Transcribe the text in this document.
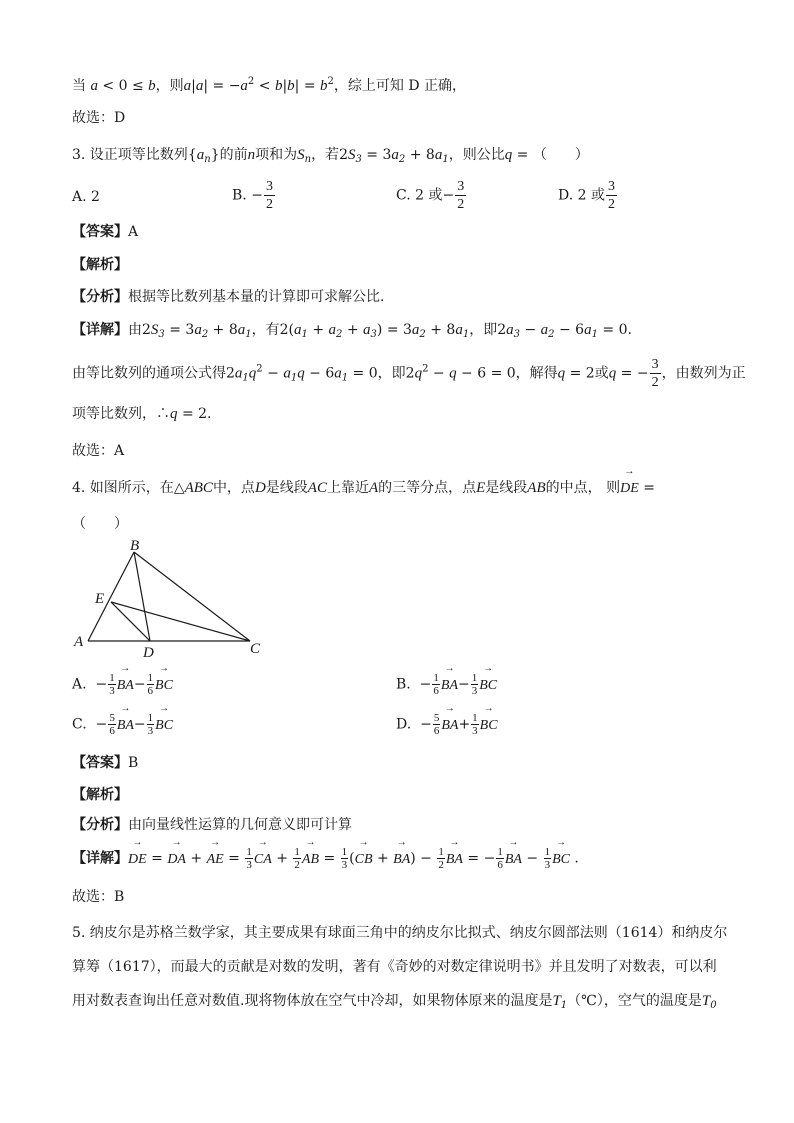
当 a < 0 ≤ b，则$a|a| = -a^2 < b|b| = b^2$，综上可知 D 正确，
故选：D
3. 设正项等比数列$\{a_n\}$的前n项和为$S_n$，若$2S_3 = 3a_2 + 8a_1$，则公比q = （　　）
A. 2	B. − $\frac{3}{2}$	C. 2 或− $\frac{3}{2}$	D. 2 或 $\frac{3}{2}$
【答案】A
【解析】
【分析】根据等比数列基本量的计算即可求解公比.
【详解】由$2S_3 = 3a_2 + 8a_1$，有$2(a_1 + a_2 + a_3) = 3a_2 + 8a_1$，即$2a_3 - a_2 - 6a_1 = 0$.
由等比数列的通项公式得$2a_1q^2 - a_1q - 6a_1 = 0$，即$2q^2 - q - 6 = 0$，解得q = 2或q = − $\frac{3}{2}$ ，由数列为正
项等比数列，∴q = 2.
故选：A
4. 如图所示，在△ABC中，点D是线段AC上靠近A的三等分点，点E是线段AB的中点， 则→ DE =
（　　）
B
E
A
D	C
A.  − $\frac{1}{3}$
→ $BA- \frac{1}{6}$
→ BC	B.  − $\frac{1}{6}$
→ $BA- \frac{1}{3}$
→ BC
C.  − $\frac{5}{6}$
→ $BA- \frac{1}{3}$
→ BC	D.  − $\frac{5}{6}$
→ $BA+ \frac{1}{3}$
→ BC
【答案】B
【解析】
【分析】由向量线性运算的几何意义即可计算
【详解】→ DE = → DA + → AE = $\frac{1}{3}$
→ CA + $\frac{1}{2}$
→ AB = $\frac{1}{3}$ (→ CB + → $BA) - \frac{1}{2}$
→ BA = − $\frac{1}{6}$
→ BA − $\frac{1}{3}$
→ BC .
故选：B
5. 纳皮尔是苏格兰数学家，其主要成果有球面三角中的纳皮尔比拟式、纳皮尔圆部法则（1614）和纳皮尔
算筹（1617），而最大的贡献是对数的发明，著有《奇妙的对数定律说明书》并且发明了对数表，可以利
用对数表查询出任意对数值.现将物体放在空气中冷却，如果物体原来的温度是$T_1(℃)$，空气的温度是$T_0$
